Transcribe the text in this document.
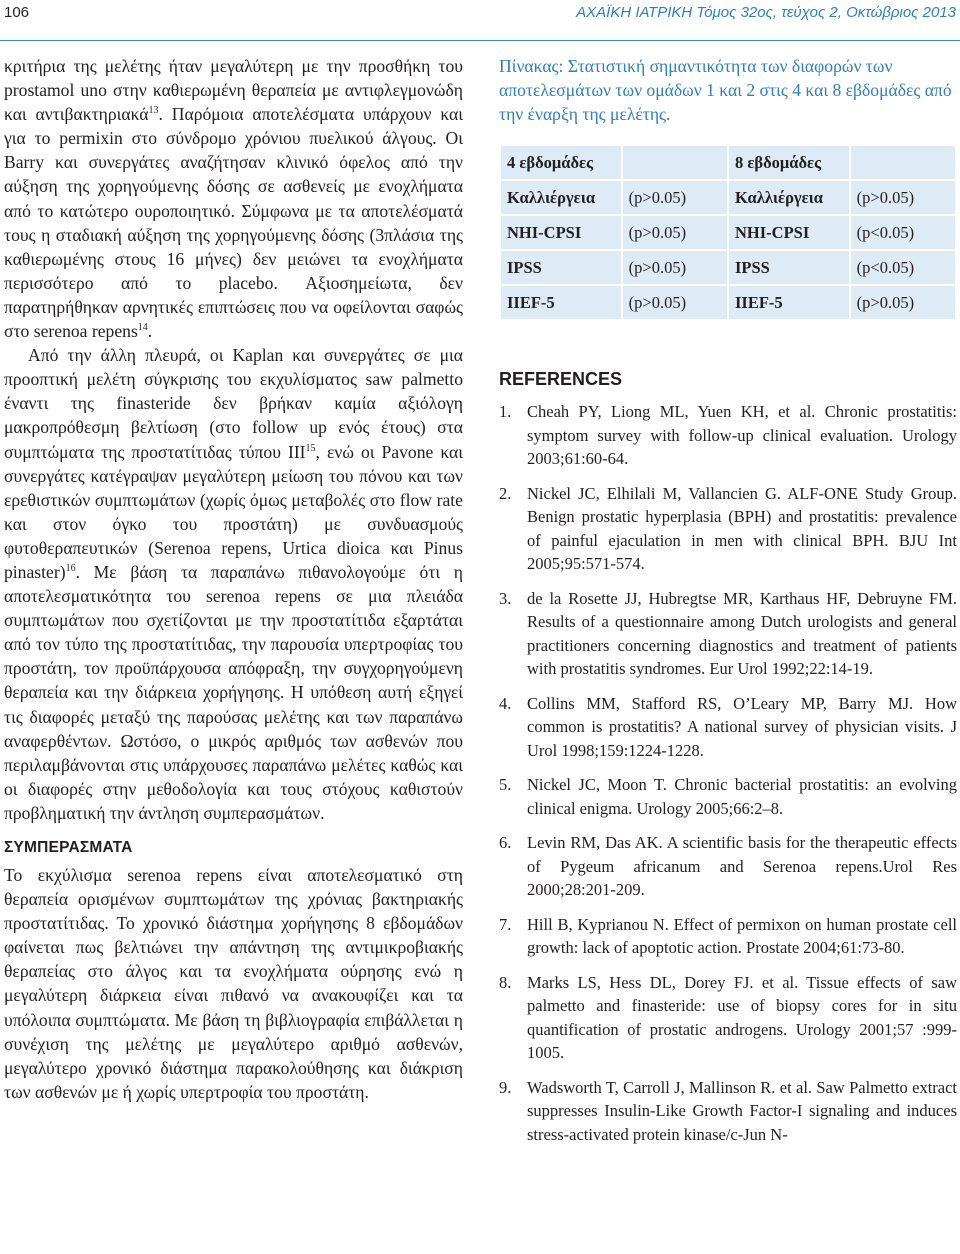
106	ΑΧΑΪΚΗ ΙΑΤΡΙΚΗ Τόμος 32ος, τεύχος 2, Οκτώβριος 2013

κριτήρια της μελέτης ήταν μεγαλύτερη με την προσθήκη του prostamol uno στην καθιερωμένη θεραπεία με αντιφλεγμονώδη και αντιβακτηριακά$^{13}$. Παρόμοια αποτελέσματα υπάρχουν και για το permixin στο σύνδρομο χρόνιου πυελικού άλγους. Οι Barry και συνεργάτες αναζήτησαν κλινικό όφελος από την αύξηση της χορηγούμενης δόσης σε ασθενείς με ενοχλήματα από το κατώτερο ουροποιητικό. Σύμφωνα με τα αποτελέσματά τους η σταδιακή αύξηση της χορηγούμενης δόσης (3πλάσια της καθιερωμένης στους 16 μήνες) δεν μειώνει τα ενοχλήματα περισσότερο από το placebo. Αξιοσημείωτα, δεν παρατηρήθηκαν αρνητικές επιπτώσεις που να οφείλονται σαφώς στο serenoa repens$^{14}$.

Από την άλλη πλευρά, οι Kaplan και συνεργάτες σε μια προοπτική μελέτη σύγκρισης του εκχυλίσματος saw palmetto έναντι της finasteride δεν βρήκαν καμία αξιόλογη μακροπρόθεσμη βελτίωση (στο follow up ενός έτους) στα συμπτώματα της προστατίτιδας τύπου ΙΙΙ$^{15}$, ενώ οι Pavone και συνεργάτες κατέγραψαν μεγαλύτερη μείωση του πόνου και των ερεθιστικών συμπτωμάτων (χωρίς όμως μεταβολές στο flow rate και στον όγκο του προστάτη) με συνδυασμούς φυτοθεραπευτικών (Serenoa repens, Urtica dioica και Pinus pinaster)$^{16}$. Με βάση τα παραπάνω πιθανολογούμε ότι η αποτελεσματικότητα του serenoa repens σε μια πλειάδα συμπτωμάτων που σχετίζονται με την προστατίτιδα εξαρτάται από τον τύπο της προστατίτιδας, την παρουσία υπερτροφίας του προστάτη, τον προϋπάρχουσα απόφραξη, την συγχορηγούμενη θεραπεία και την διάρκεια χορήγησης. Η υπόθεση αυτή εξηγεί τις διαφορές μεταξύ της παρούσας μελέτης και των παραπάνω αναφερθέντων. Ωστόσο, ο μικρός αριθμός των ασθενών που περιλαμβάνονται στις υπάρχουσες παραπάνω μελέτες καθώς και οι διαφορές στην μεθοδολογία και τους στόχους καθιστούν προβληματική την άντληση συμπερασμάτων.

ΣΥΜΠΕΡΑΣΜΑΤΑ

Το εκχύλισμα serenoa repens είναι αποτελεσματικό στη θεραπεία ορισμένων συμπτωμάτων της χρόνιας βακτηριακής προστατίτιδας. Το χρονικό διάστημα χορήγησης 8 εβδομάδων φαίνεται πως βελτιώνει την απάντηση της αντιμικροβιακής θεραπείας στο άλγος και τα ενοχλήματα ούρησης ενώ η μεγαλύτερη διάρκεια είναι πιθανό να ανακουφίζει και τα υπόλοιπα συμπτώματα. Με βάση τη βιβλιογραφία επιβάλλεται η συνέχιση της μελέτης με μεγαλύτερο αριθμό ασθενών, μεγαλύτερο χρονικό διάστημα παρακολούθησης και διάκριση των ασθενών με ή χωρίς υπερτροφία του προστάτη.

Πίνακας: Στατιστική σημαντικότητα των διαφορών των αποτελεσμάτων των ομάδων 1 και 2 στις 4 και 8 εβδομάδες από την έναρξη της μελέτης.

4 εβδομάδες		8 εβδομάδες	
Καλλιέργεια	(p>0.05)	Καλλιέργεια	(p>0.05)
NHI-CPSI	(p>0.05)	NHI-CPSI	(p<0.05)
IPSS	(p>0.05)	IPSS	(p<0.05)
IIEF-5	(p>0.05)	IIEF-5	(p>0.05)
REFERENCES
1. Cheah PY, Liong ML, Yuen KH, et al. Chronic prostatitis: symptom survey with follow-up clinical evaluation. Urology 2003;61:60-64.
2. Nickel JC, Elhilali M, Vallancien G. ALF-ONE Study Group. Benign prostatic hyperplasia (BPH) and prostatitis: prevalence of painful ejaculation in men with clinical BPH. BJU Int 2005;95:571-574.
3. de la Rosette JJ, Hubregtse MR, Karthaus HF, Debruyne FM. Results of a questionnaire among Dutch urologists and general practitioners concerning diagnostics and treatment of patients with prostatitis syndromes. Eur Urol 1992;22:14-19.
4. Collins MM, Stafford RS, O’Leary MP, Barry MJ. How common is prostatitis? A national survey of physician visits. J Urol 1998;159:1224-1228.
5. Nickel JC, Moon T. Chronic bacterial prostatitis: an evolving clinical enigma. Urology 2005;66:2–8.
6. Levin RM, Das AK. A scientific basis for the therapeutic effects of Pygeum africanum and Serenoa repens.Urol Res 2000;28:201-209.
7. Hill B, Kyprianou N. Effect of permixon on human prostate cell growth: lack of apoptotic action. Prostate 2004;61:73-80.
8. Marks LS, Hess DL, Dorey FJ. et al. Tissue effects of saw palmetto and finasteride: use of biopsy cores for in situ quantification of prostatic androgens. Urology 2001;57 :999-1005.
9. Wadsworth T, Carroll J, Mallinson R. et al. Saw Palmetto extract suppresses Insulin-Like Growth Factor-I signaling and induces stress-activated protein kinase/c-Jun N-
